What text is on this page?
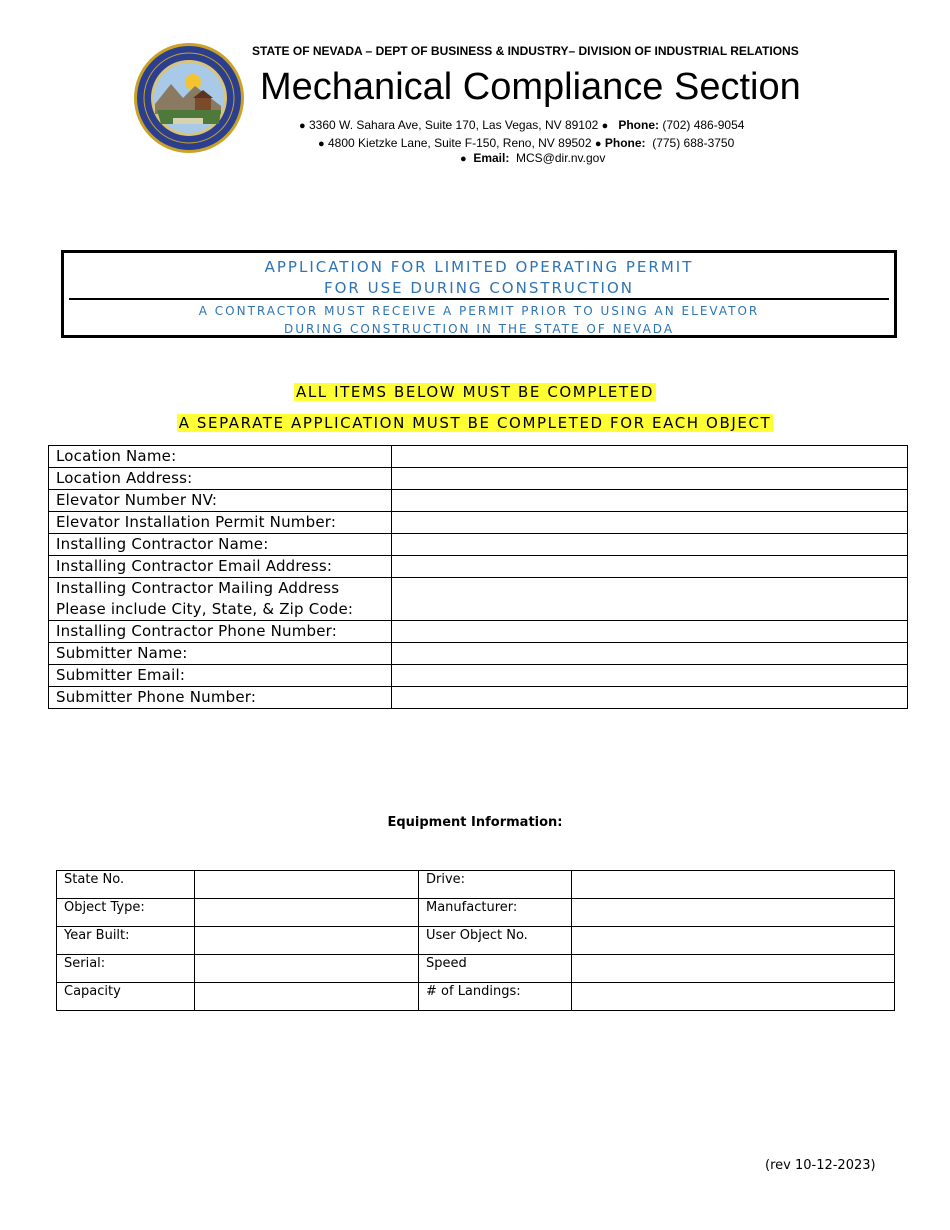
STATE OF NEVADA – DEPT OF BUSINESS & INDUSTRY– DIVISION OF INDUSTRIAL RELATIONS
Mechanical Compliance Section
● 3360 W. Sahara Ave, Suite 170, Las Vegas, NV 89102 ● Phone: (702) 486-9054
● 4800 Kietzke Lane, Suite F-150, Reno, NV 89502 ● Phone: (775) 688-3750
● Email: MCS@dir.nv.gov
APPLICATION FOR LIMITED OPERATING PERMIT
FOR USE DURING CONSTRUCTION
A CONTRACTOR MUST RECEIVE A PERMIT PRIOR TO USING AN ELEVATOR
DURING CONSTRUCTION IN THE STATE OF NEVADA
ALL ITEMS BELOW MUST BE COMPLETED
A SEPARATE APPLICATION MUST BE COMPLETED FOR EACH OBJECT
Location Name:	
Location Address:	
Elevator Number NV:	
Elevator Installation Permit Number:	
Installing Contractor Name:	
Installing Contractor Email Address:	

Installing Contractor Mailing Address
Please include City, State, & Zip Code:	

Installing Contractor Phone Number:	
Submitter Name:	
Submitter Email:	
Submitter Phone Number:	
Equipment Information:
State No.		Drive:	
Object Type:		Manufacturer:	
Year Built:		User Object No.	
Serial:		Speed	
Capacity		# of Landings:	
(rev 10-12-2023)
